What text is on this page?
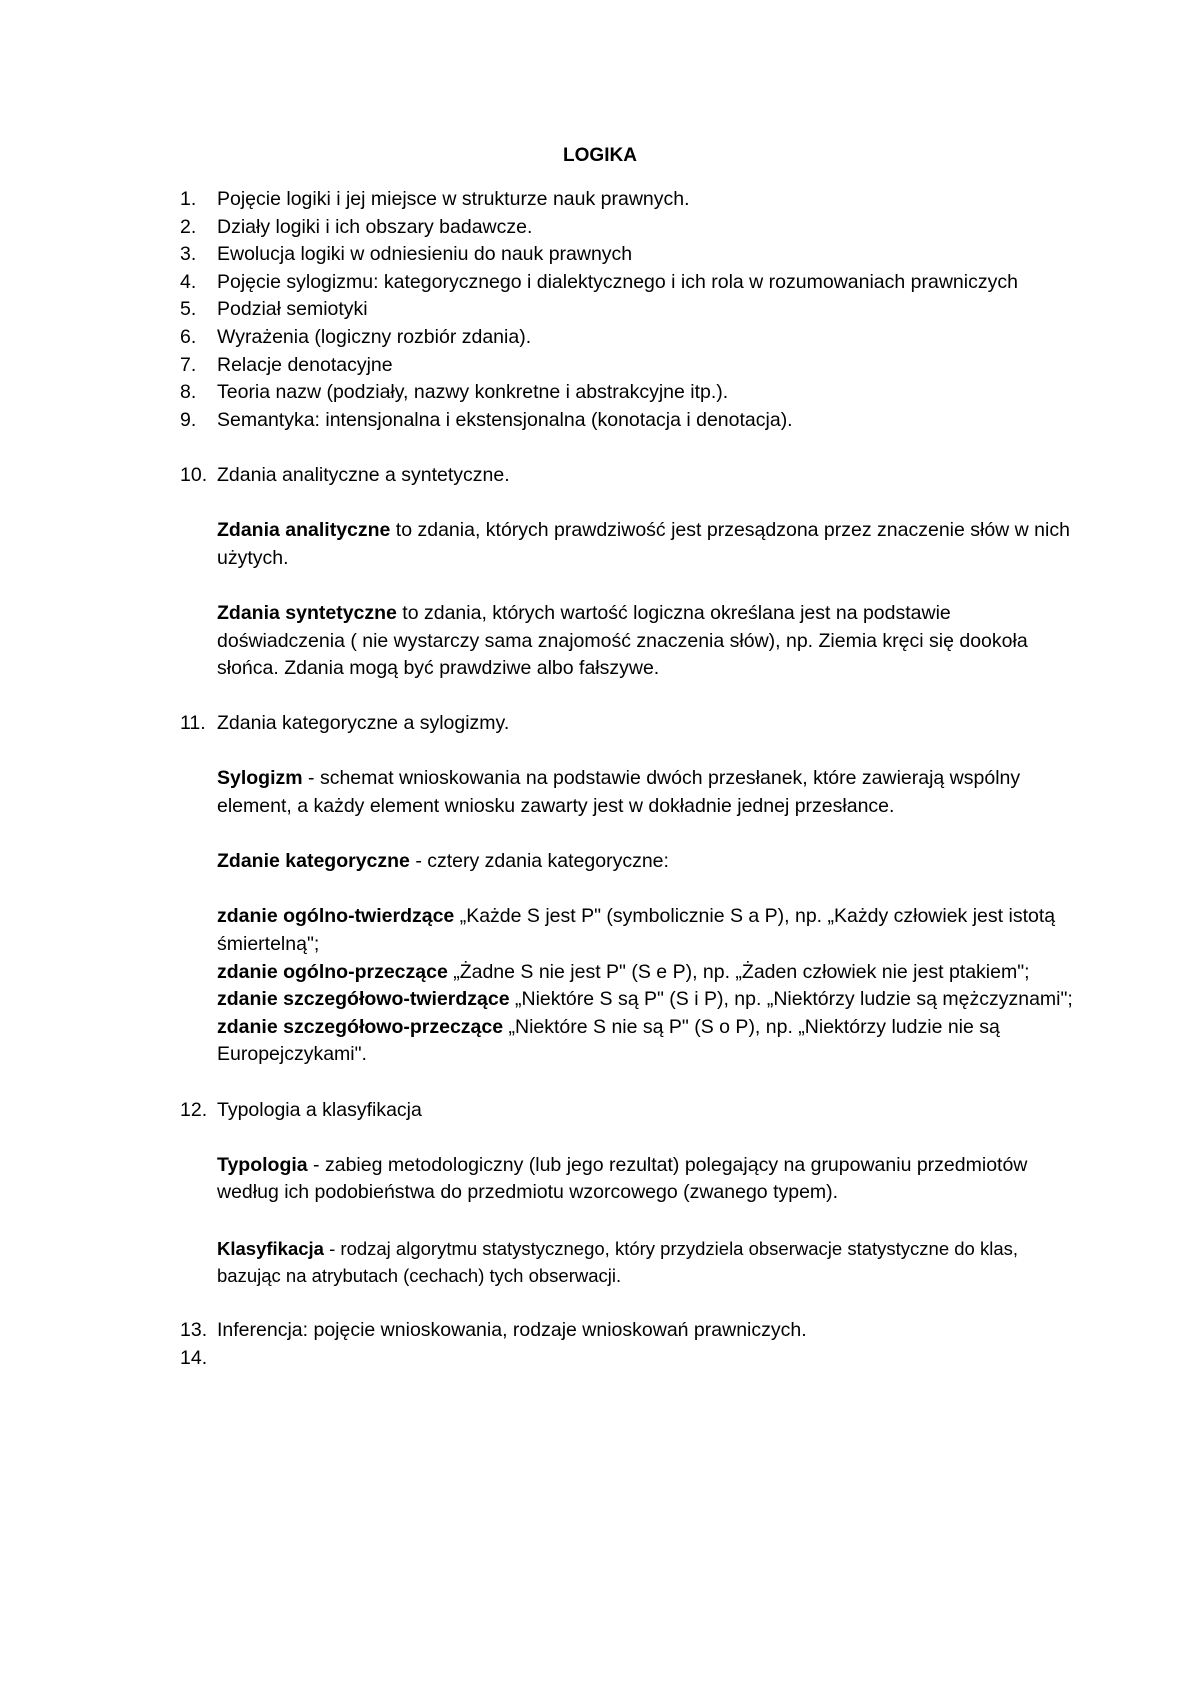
LOGIKA
1.	Pojęcie logiki i jej miejsce w strukturze nauk prawnych.
2.	Działy logiki i ich obszary badawcze.
3.	Ewolucja logiki w odniesieniu do nauk prawnych
4.	Pojęcie sylogizmu: kategorycznego i dialektycznego i ich rola w rozumowaniach prawniczych
5.	Podział semiotyki
6.	Wyrażenia (logiczny rozbiór zdania).
7.	Relacje denotacyjne
8.	Teoria nazw (podziały, nazwy konkretne i abstrakcyjne itp.).
9.	Semantyka: intensjonalna i ekstensjonalna (konotacja i denotacja).
10. Zdania analityczne a syntetyczne.
Zdania analityczne to zdania, których prawdziwość jest przesądzona przez znaczenie słów w nich użytych.
Zdania syntetyczne to zdania, których wartość logiczna określana jest na podstawie doświadczenia ( nie wystarczy sama znajomość znaczenia słów), np. Ziemia kręci się dookoła słońca. Zdania mogą być prawdziwe albo fałszywe.
11. Zdania kategoryczne a sylogizmy.
Sylogizm - schemat wnioskowania na podstawie dwóch przesłanek, które zawierają wspólny element, a każdy element wniosku zawarty jest w dokładnie jednej przesłance.
Zdanie kategoryczne - cztery zdania kategoryczne:
zdanie ogólno-twierdzące „Każde S jest P" (symbolicznie S a P), np. „Każdy człowiek jest istotą śmiertelną";
zdanie ogólno-przeczące „Żadne S nie jest P" (S e P), np. „Żaden człowiek nie jest ptakiem";
zdanie szczegółowo-twierdzące „Niektóre S są P" (S i P), np. „Niektórzy ludzie są mężczyznami";
zdanie szczegółowo-przeczące „Niektóre S nie są P" (S o P), np. „Niektórzy ludzie nie są Europejczykami".
12. Typologia a klasyfikacja
Typologia - zabieg metodologiczny (lub jego rezultat) polegający na grupowaniu przedmiotów według ich podobieństwa do przedmiotu wzorcowego (zwanego typem).
Klasyfikacja - rodzaj algorytmu statystycznego, który przydziela obserwacje statystyczne do klas, bazując na atrybutach (cechach) tych obserwacji.
13. Inferencja: pojęcie wnioskowania, rodzaje wnioskowań prawniczych.
14.
